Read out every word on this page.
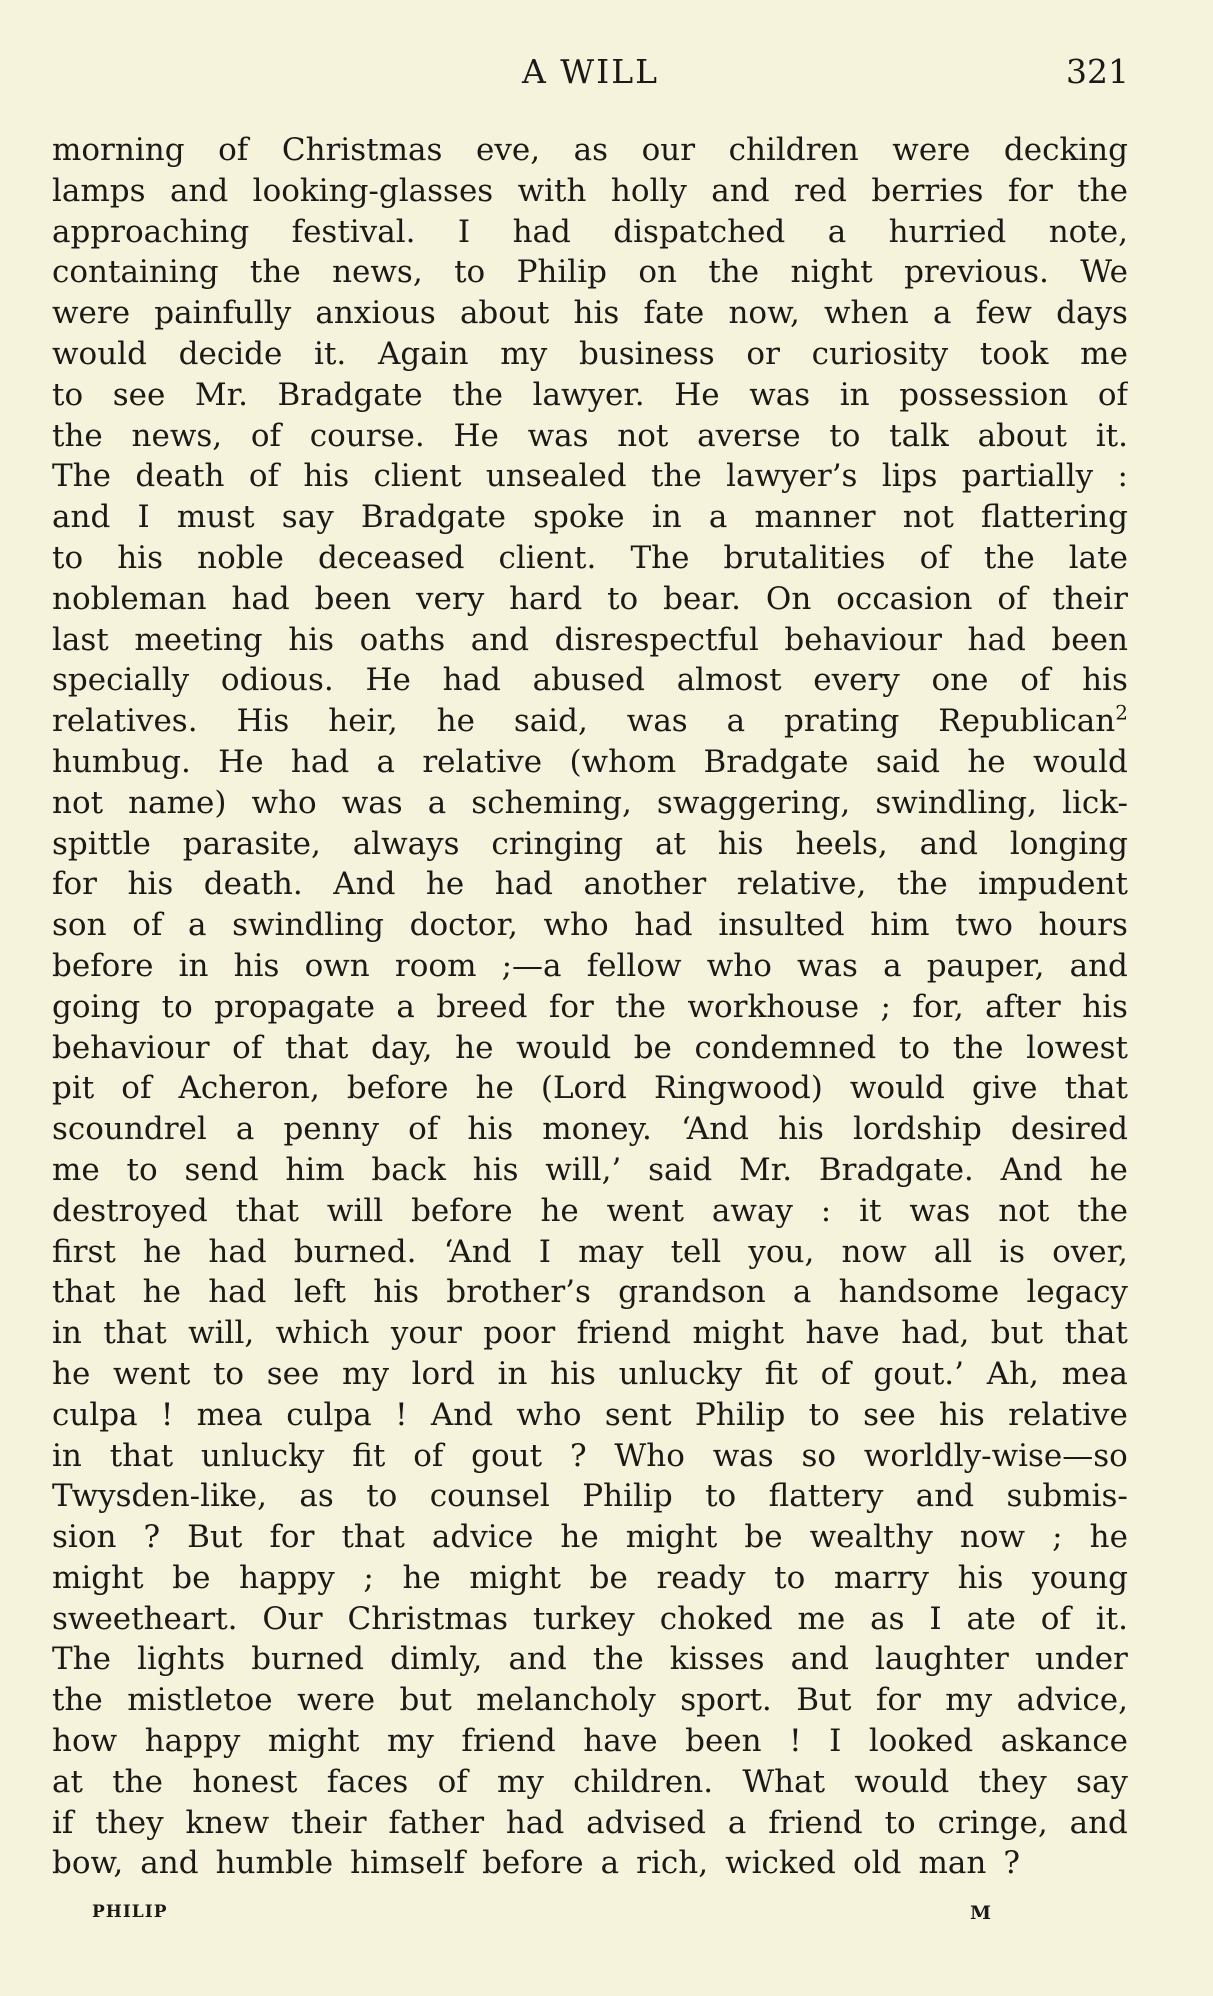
A WILL	321
morning of Christmas eve, as our children were decking
lamps and looking-glasses with holly and red berries for the
approaching festival. I had dispatched a hurried note,
containing the news, to Philip on the night previous. We
were painfully anxious about his fate now, when a few days
would decide it. Again my business or curiosity took me
to see Mr. Bradgate the lawyer. He was in possession of
the news, of course. He was not averse to talk about it.
The death of his client unsealed the lawyer’s lips partially :
and I must say Bradgate spoke in a manner not flattering
to his noble deceased client. The brutalities of the late
nobleman had been very hard to bear. On occasion of their
last meeting his oaths and disrespectful behaviour had been
specially odious. He had abused almost every one of his
relatives. His heir, he said, was a prating Republican$^2$
humbug. He had a relative (whom Bradgate said he would
not name) who was a scheming, swaggering, swindling, lick-
spittle parasite, always cringing at his heels, and longing
for his death. And he had another relative, the impudent
son of a swindling doctor, who had insulted him two hours
before in his own room ;—a fellow who was a pauper, and
going to propagate a breed for the workhouse ; for, after his
behaviour of that day, he would be condemned to the lowest
pit of Acheron, before he (Lord Ringwood) would give that
scoundrel a penny of his money. ‘And his lordship desired
me to send him back his will,’ said Mr. Bradgate. And he
destroyed that will before he went away : it was not the
first he had burned. ‘And I may tell you, now all is over,
that he had left his brother’s grandson a handsome legacy
in that will, which your poor friend might have had, but that
he went to see my lord in his unlucky fit of gout.’ Ah, mea
culpa ! mea culpa ! And who sent Philip to see his relative
in that unlucky fit of gout ? Who was so worldly-wise—so
Twysden-like, as to counsel Philip to flattery and submis-
sion ? But for that advice he might be wealthy now ; he
might be happy ; he might be ready to marry his young
sweetheart. Our Christmas turkey choked me as I ate of it.
The lights burned dimly, and the kisses and laughter under
the mistletoe were but melancholy sport. But for my advice,
how happy might my friend have been ! I looked askance
at the honest faces of my children. What would they say
if they knew their father had advised a friend to cringe, and
bow, and humble himself before a rich, wicked old man ?
PHILIP	M
